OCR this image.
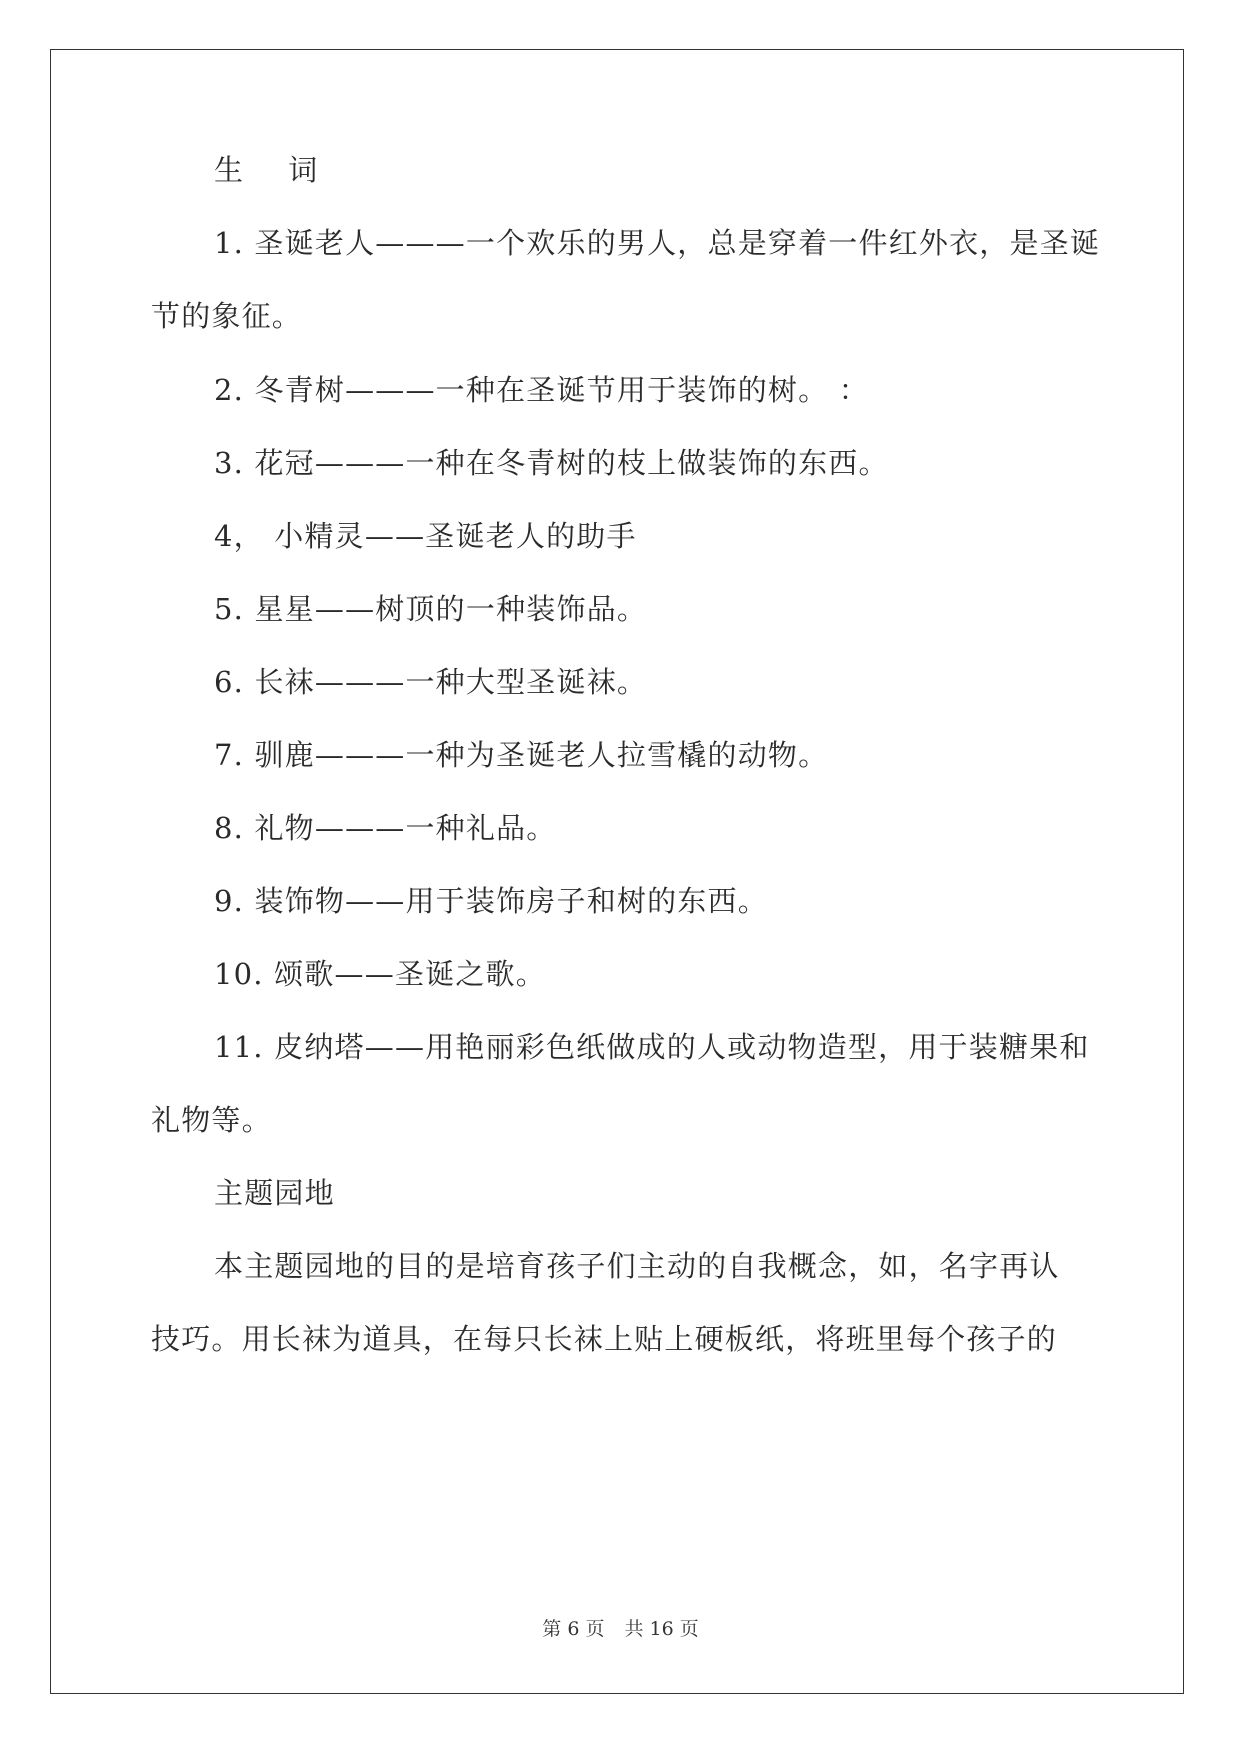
生 词
1. 圣诞老人———一个欢乐的男人，总是穿着一件红外衣，是圣诞
节的象征。
2. 冬青树———一种在圣诞节用于装饰的树。 ：
3. 花冠———一种在冬青树的枝上做装饰的东西。
4， 小精灵——圣诞老人的助手
5. 星星——树顶的一种装饰品。
6. 长袜———一种大型圣诞袜。
7. 驯鹿———一种为圣诞老人拉雪橇的动物。
8. 礼物———一种礼品。
9. 装饰物——用于装饰房子和树的东西。
10. 颂歌——圣诞之歌。
11. 皮纳塔——用艳丽彩色纸做成的人或动物造型，用于装糖果和
礼物等。
主题园地
本主题园地的目的是培育孩子们主动的自我概念，如，名字再认
技巧。用长袜为道具，在每只长袜上贴上硬板纸，将班里每个孩子的
第 6 页 共 16 页
